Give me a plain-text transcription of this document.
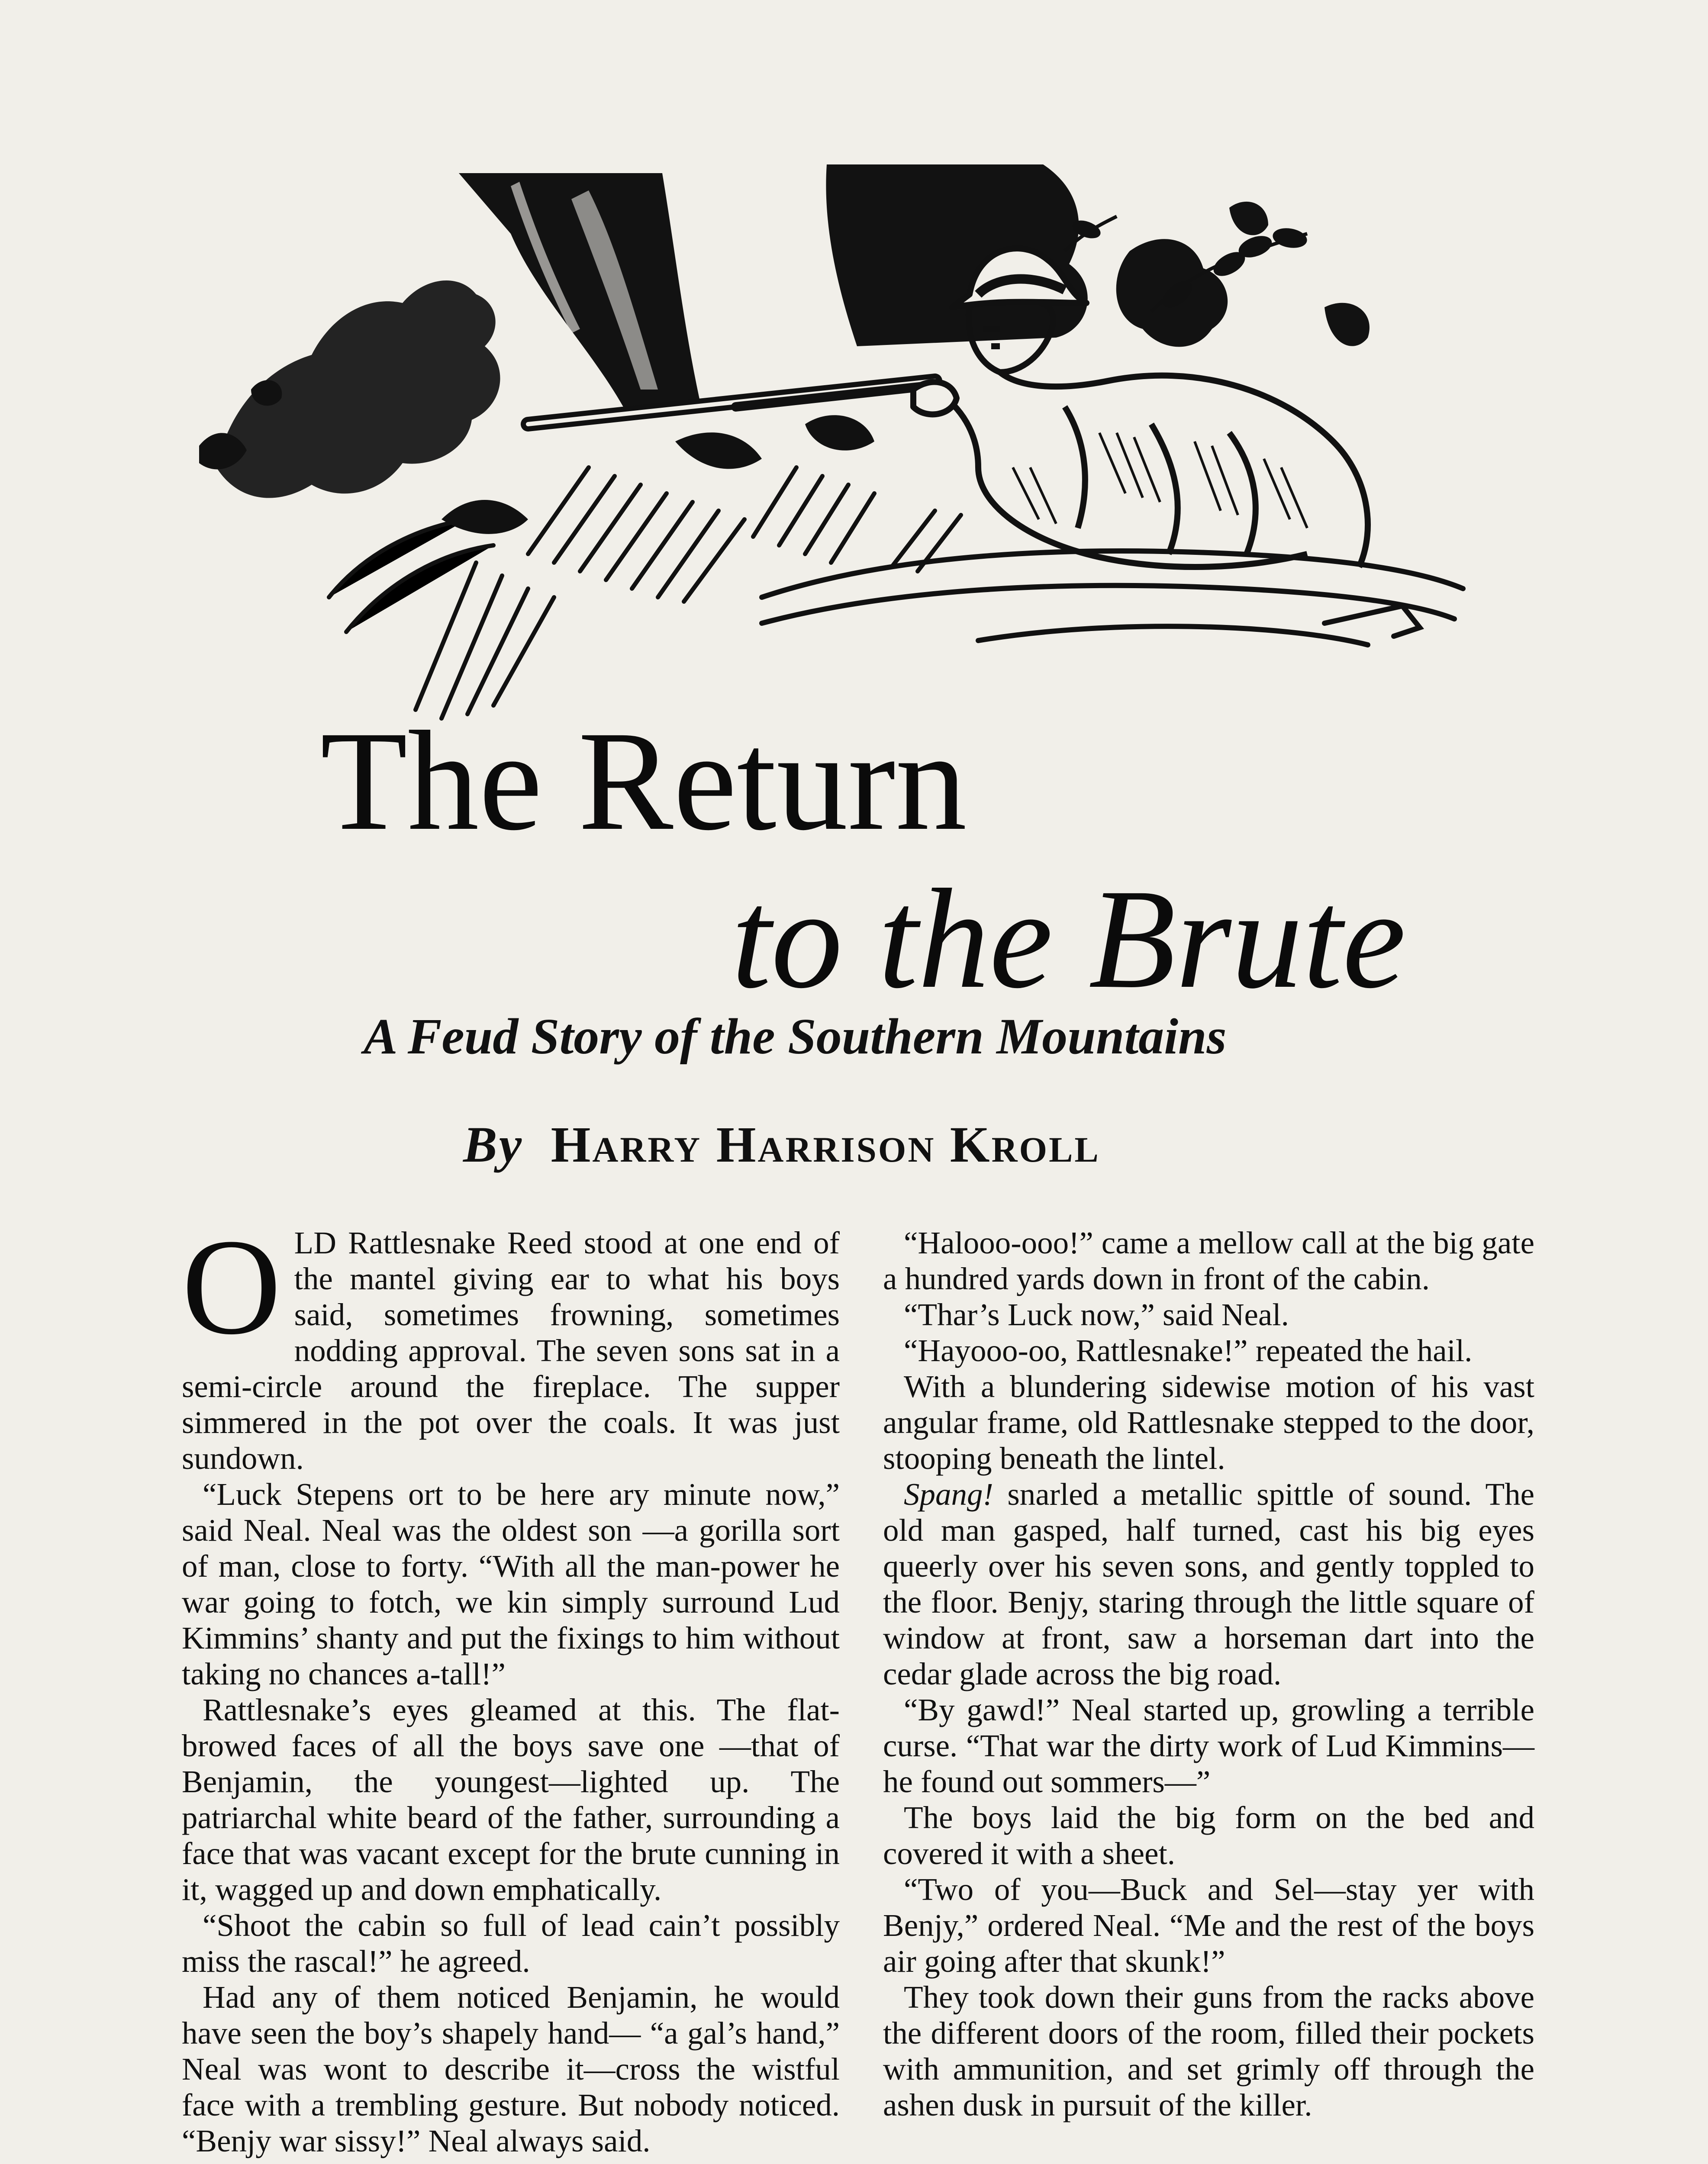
The Return
to the Brute
A Feud Story of the Southern Mountains
By Harry Harrison Kroll

OLD Rattlesnake Reed stood at one end of the mantel giving ear to what his boys said, sometimes frowning, sometimes nodding approval. The seven sons sat in a semi-circle around the fireplace. The supper simmered in the pot over the coals. It was just sundown.

“Luck Stepens ort to be here ary minute now,” said Neal. Neal was the oldest son —a gorilla sort of man, close to forty. “With all the man-power he war going to fotch, we kin simply surround Lud Kimmins’ shanty and put the fixings to him without taking no chances a-tall!”

Rattlesnake’s eyes gleamed at this. The flat-browed faces of all the boys save one —that of Benjamin, the youngest—lighted up. The patriarchal white beard of the father, surrounding a face that was vacant except for the brute cunning in it, wagged up and down emphatically.

“Shoot the cabin so full of lead cain’t possibly miss the rascal!” he agreed.

Had any of them noticed Benjamin, he would have seen the boy’s shapely hand— “a gal’s hand,” Neal was wont to describe it—cross the wistful face with a trembling gesture. But nobody noticed. “Benjy war sissy!” Neal always said.

“Halooo-ooo!” came a mellow call at the big gate a hundred yards down in front of the cabin.

“Thar’s Luck now,” said Neal.

“Hayooo-oo, Rattlesnake!” repeated the hail.

With a blundering sidewise motion of his vast angular frame, old Rattlesnake stepped to the door, stooping beneath the lintel.

Spang! snarled a metallic spittle of sound. The old man gasped, half turned, cast his big eyes queerly over his seven sons, and gently toppled to the floor. Benjy, staring through the little square of window at front, saw a horseman dart into the cedar glade across the big road.

“By gawd!” Neal started up, growling a terrible curse. “That war the dirty work of Lud Kimmins—he found out sommers—”

The boys laid the big form on the bed and covered it with a sheet.

“Two of you—Buck and Sel—stay yer with Benjy,” ordered Neal. “Me and the rest of the boys air going after that skunk!”

They took down their guns from the racks above the different doors of the room, filled their pockets with ammunition, and set grimly off through the ashen dusk in pursuit of the killer.
